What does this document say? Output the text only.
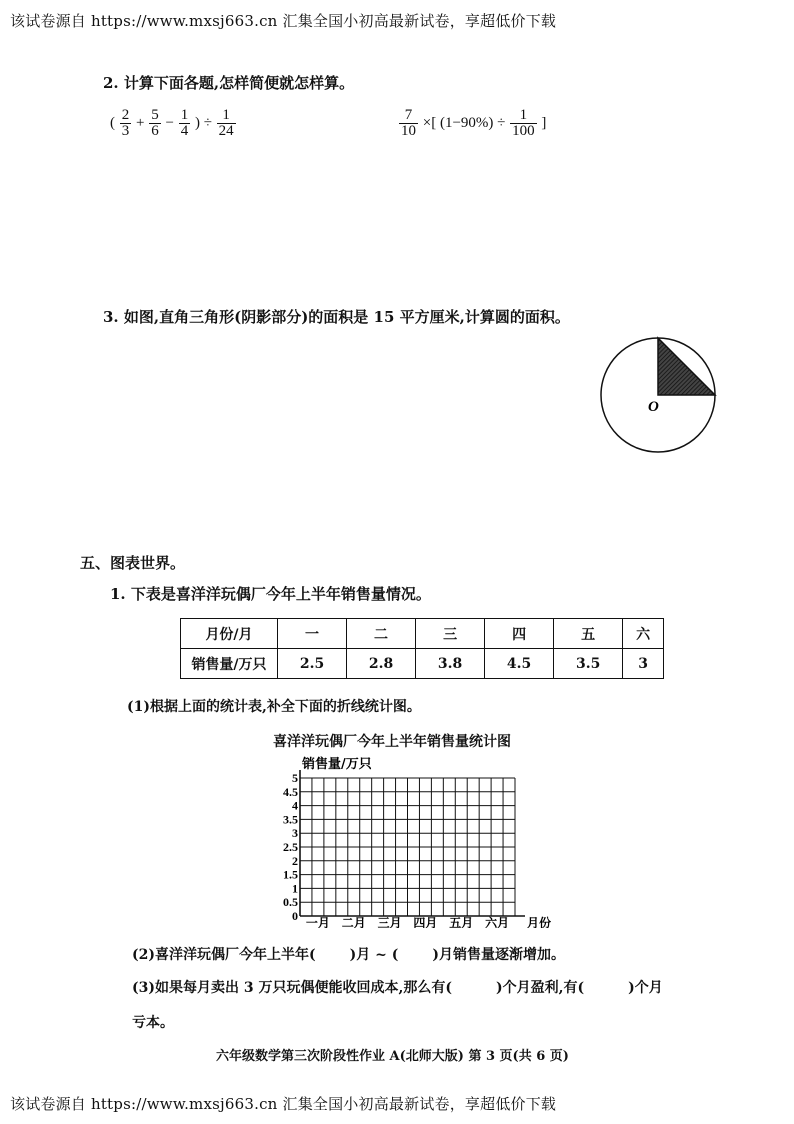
该试卷源自 https://www.mxsj663.cn 汇集全国小初高最新试卷，享超低价下载
2. 计算下面各题,怎样简便就怎样算。
( $\frac{2}{3} + \frac{5}{6} - \frac{1}{4}$ ) ÷ $\frac{1}{24}$	$\frac{7}{10}$ ×[ $(1-90\%) \div \frac{1}{100}$ ]
3. 如图,直角三角形(阴影部分)的面积是 15 平方厘米,计算圆的面积。
O
五、图表世界。
1. 下表是喜洋洋玩偶厂今年上半年销售量情况。
月份/月	一	二	三	四	五	六
销售量/万只	2.5	2.8	3.8	4.5	3.5	3
(1)根据上面的统计表,补全下面的折线统计图。
喜洋洋玩偶厂今年上半年销售量统计图
销售量/万只
0
0.5
1
1.5
2
2.5
3
3.5
4
4.5
5
一月 二月 三月 四月 五月 六月 月份
(2)喜洋洋玩偶厂今年上半年( )月 ~ ( )月销售量逐渐增加。
(3)如果每月卖出 3 万只玩偶便能收回成本,那么有(	)个月盈利,有(	)个月
亏本。
六年级数学第三次阶段性作业 A(北师大版) 第 3 页(共 6 页)
该试卷源自 https://www.mxsj663.cn 汇集全国小初高最新试卷，享超低价下载
